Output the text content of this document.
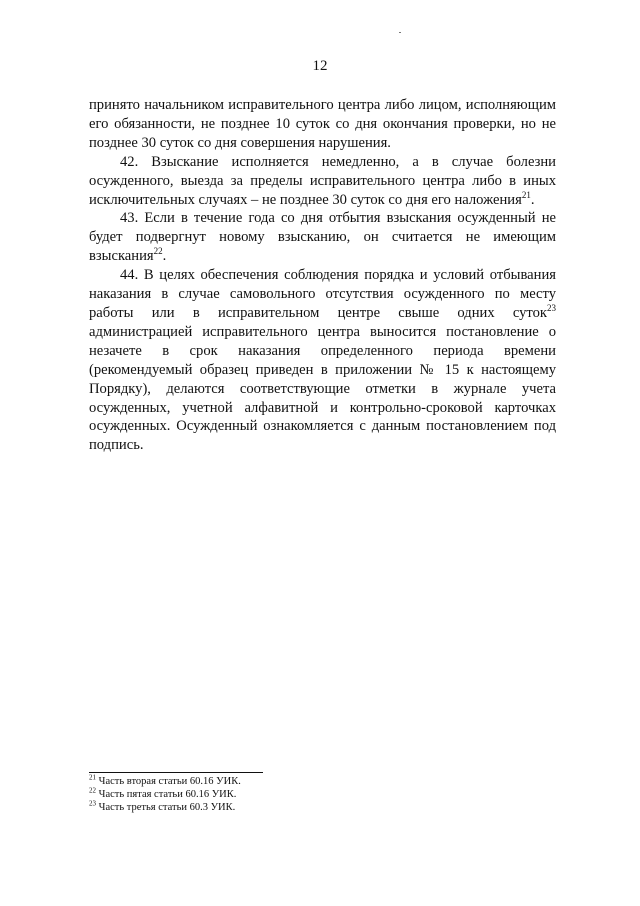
12

принято начальником исправительного центра либо лицом, исполняющим его обязанности, не позднее 10 суток со дня окончания проверки, но не позднее 30 суток со дня совершения нарушения.

42. Взыскание исполняется немедленно, а в случае болезни осужденного, выезда за пределы исправительного центра либо в иных исключительных случаях – не позднее 30 суток со дня его наложения$^{21}$.

43. Если в течение года со дня отбытия взыскания осужденный не будет подвергнут новому взысканию, он считается не имеющим взыскания$^{22}$.

44. В целях обеспечения соблюдения порядка и условий отбывания наказания в случае самовольного отсутствия осужденного по месту работы или в исправительном центре свыше одних суток$^{23}$ администрацией исправительного центра выносится постановление о незачете в срок наказания определенного периода времени (рекомендуемый образец приведен в приложении № 15 к настоящему Порядку), делаются соответствующие отметки в журнале учета осужденных, учетной алфавитной и контрольно-сроковой карточках осужденных. Осужденный ознакомляется с данным постановлением под подпись.

$^{21}$ Часть вторая статьи 60.16 УИК.
$^{22}$ Часть пятая статьи 60.16 УИК.
$^{23}$ Часть третья статьи 60.3 УИК.
